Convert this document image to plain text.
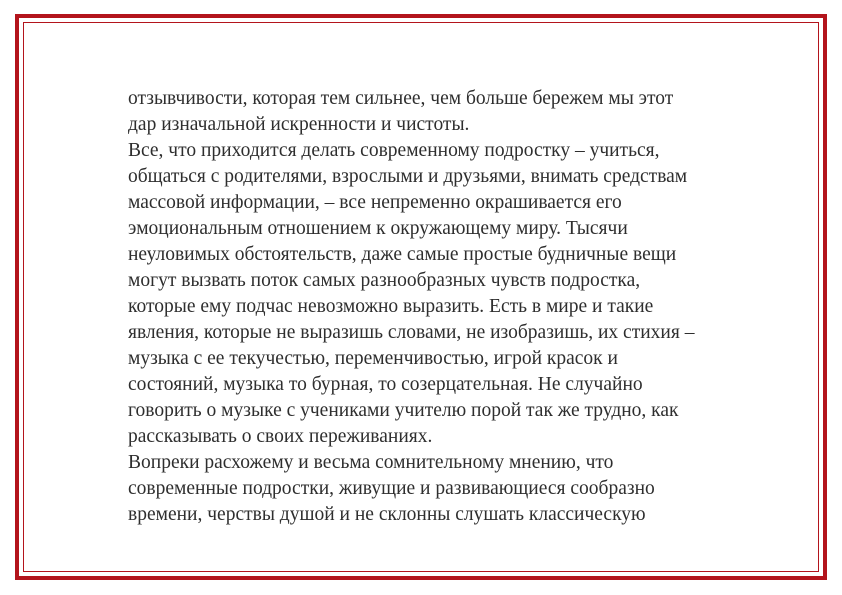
отзывчивости, которая тем сильнее, чем больше бережем мы этот
дар изначальной искренности и чистоты.
Все, что приходится делать современному подростку – учиться,
общаться с родителями, взрослыми и друзьями, внимать средствам
массовой информации, – все непременно окрашивается его
эмоциональным отношением к окружающему миру. Тысячи
неуловимых обстоятельств, даже самые простые будничные вещи
могут вызвать поток самых разнообразных чувств подростка,
которые ему подчас невозможно выразить. Есть в мире и такие
явления, которые не выразишь словами, не изобразишь, их стихия –
музыка с ее текучестью, переменчивостью, игрой красок и
состояний, музыка то бурная, то созерцательная. Не случайно
говорить о музыке с учениками учителю порой так же трудно, как
рассказывать о своих переживаниях.
Вопреки расхожему и весьма сомнительному мнению, что
современные подростки, живущие и развивающиеся сообразно
времени, черствы душой и не склонны слушать классическую
